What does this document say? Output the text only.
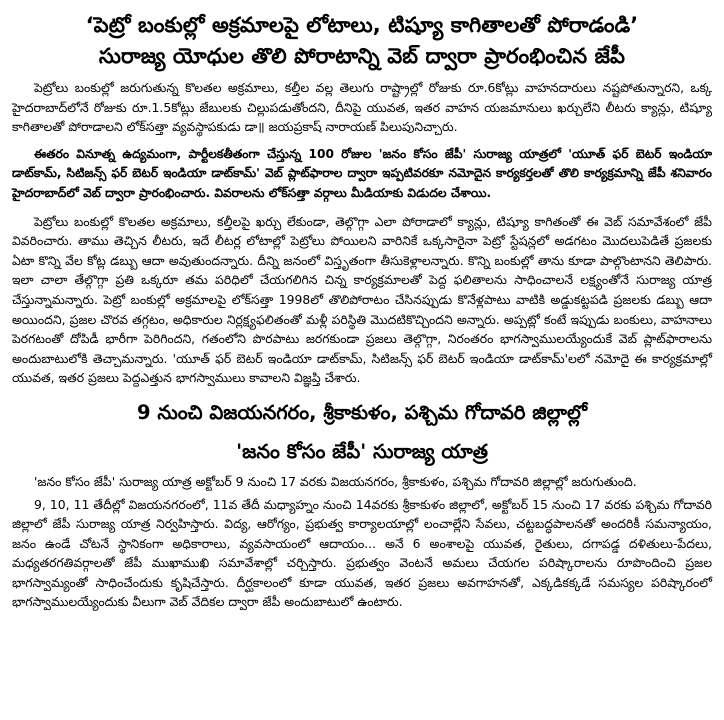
‘పెట్రో బంకుల్లో అక్రమాలపై లోటాలు, టిష్యూ కాగితాలతో పోరాడండి’
సురాజ్య యోధుల తొలి పోరాటాన్ని వెబ్ ద్వారా ప్రారంభించిన జేపీ

పెట్రోలు బంకుల్లో జరుగుతున్న కొలతల అక్రమాలు, కల్తీల వల్ల తెలుగు రాష్ట్రాల్లో రోజుకు రూ.6కోట్లు వాహనదారులు నష్టపోతున్నారని, ఒక్క హైదరాబాద్‌లోనే రోజుకు రూ.1.5కోట్లు జేబులకు చిల్లుపడుతోందని, దీనిపై యువత, ఇతర వాహన యజమానులు ఖర్చులేని లీటరు క్యాన్లు, టిష్యూ కాగితాలతో పోరాడాలని లోక్‌సత్తా వ్యవస్థాపకుడు డా॥ జయప్రకాష్ నారాయణ్ పిలుపునిచ్చారు.

ఈతరం వినూత్న ఉద్యమంగా, పార్టీలకతీతంగా చేస్తున్న 100 రోజుల 'జనం కోసం జేపీ' సురాజ్య యాత్రలో 'యూత్ ఫర్ బెటర్ ఇండియా డాట్‌కామ్, సిటిజన్స్ ఫర్ బెటర్ ఇండియా డాట్‌కామ్' వెబ్ ప్లాట్‌ఫారాల ద్వారా ఇప్పటివరకూ నమోదైన కార్యకర్తలతో తొలి కార్యక్రమాన్ని జేపీ శనివారం హైదరాబాద్‌లో వెబ్ ద్వారా ప్రారంభించారు. వివరాలను లోక్‌సత్తా వర్గాలు మీడియాకు విడుదల చేశాయి.

పెట్రోలు బంకుల్లో కొలతల అక్రమాలు, కల్తీలపై ఖర్చు లేకుండా, తెల్గొగ్గా ఎలా పోరాడాలో క్యాన్లు, టిష్యూ కాగితంతో ఈ వెబ్ సమావేశంలో జేపీ వివరించారు. తాము తెచ్చిన లీటరు, ఇదే లీటర్ల లోటాల్లో పెట్రోలు పోయిలని వారినికే ఒక్కసారైనా పెట్రో స్టేషన్లలో అడగటం మొదలుపెడితే ప్రజలకు ఏటా కొన్ని వేల కోట్ల డబ్బు ఆదా అవుతుందన్నారు. దీన్ని జనంలో విస్తృతంగా తీసుకెళ్లాలన్నారు. కొన్ని బంకుల్లో తాను కూడా పాల్గొంటానని తెలిపారు. ఇలా చాలా తేల్గొగ్గా ప్రతి ఒక్కరూ తమ పరిధిలో చేయగలిగిన చిన్న కార్యక్రమాలతో పెద్ద ఫలితాలను సాధించాలనే లక్ష్యంతోనే సురాజ్య యాత్ర చేస్తున్నామన్నారు. పెట్రో బంకుల్లో అక్రమాలపై లోక్‌సత్తా 1998లో తొలిపోరాటం చేసినప్పుడు కొనేళ్లపాటు వాటికి అడ్డుకట్టపడి ప్రజలకు డబ్బు ఆదా అయిందని, ప్రజల చొరవ తగ్గటం, అధికారుల నిర్లక్ష్యఫలితంతో మళ్లీ పరిస్థితి మొదటికొచ్చిందని అన్నారు. అప్పట్లో కంటే ఇప్పుడు బంకులు, వాహనాలు పెరగటంతో దోపిడీ భారీగా పెరిగిందని, గతంలోని పొరపాటు జరగకుండా ప్రజలు తెల్గొగ్గా, నిరంతరం భాగస్వాములయ్యేందుకే వెబ్ ప్లాట్‌ఫారాలను అందుబాటులోకి తెచ్చామన్నారు. 'యూత్ ఫర్ బెటర్ ఇండియా డాట్‌కామ్, సిటిజన్స్ ఫర్ బెటర్ ఇండియా డాట్‌కామ్'లలో నమోదై ఈ కార్యక్రమాల్లో యువత, ఇతర ప్రజలు పెద్దఎత్తున భాగస్వాములు కావాలని విజ్ఞప్తి చేశారు.

9 నుంచి విజయనగరం, శ్రీకాకుళం, పశ్చిమ గోదావరి జిల్లాల్లో
'జనం కోసం జేపీ' సురాజ్య యాత్ర

'జనం కోసం జేపీ' సురాజ్య యాత్ర అక్టోబర్ 9 నుంచి 17 వరకు విజయనగరం, శ్రీకాకుళం, పశ్చిమ గోదావరి జిల్లాల్లో జరుగుతుంది.

9, 10, 11 తేదీల్లో విజయనగరంలో, 11వ తేదీ మధ్యాహ్నం నుంచి 14వరకు శ్రీకాకుళం జిల్లాలో, అక్టోబర్ 15 నుంచి 17 వరకు పశ్చిమ గోదావరి జిల్లాలో జేపీ సురాజ్య యాత్ర నిర్వహిస్తారు. విద్య, ఆరోగ్యం, ప్రభుత్వ కార్యాలయాల్లో లంచాల్లేని సేవలు, చట్టబద్ధపాలనతో అందరికీ సమన్యాయం, జనం ఉండే చోటనే స్థానికంగా అధికారాలు, వ్యవసాయంలో ఆదాయం... అనే 6 అంశాలపై యువత, రైతులు, దగాపడ్డ దళితులు-పేదలు, మధ్యతరగతివర్గాలతో జేపీ ముఖాముఖి సమావేశాల్లో చర్చిస్తారు. ప్రభుత్వం వెంటనే అమలు చేయగల పరిష్కారాలను రూపొందించి ప్రజల భాగస్వామ్యంతో సాధించేందుకు కృషిచేస్తారు. దీర్ఘకాలంలో కూడా యువత, ఇతర ప్రజలు అవగాహనతో, ఎక్కడికక్కడే సమస్యల పరిష్కారంలో భాగస్వాములయ్యేందుకు వీలుగా వెబ్ వేదికల ద్వారా జేపీ అందుబాటులో ఉంటారు.
